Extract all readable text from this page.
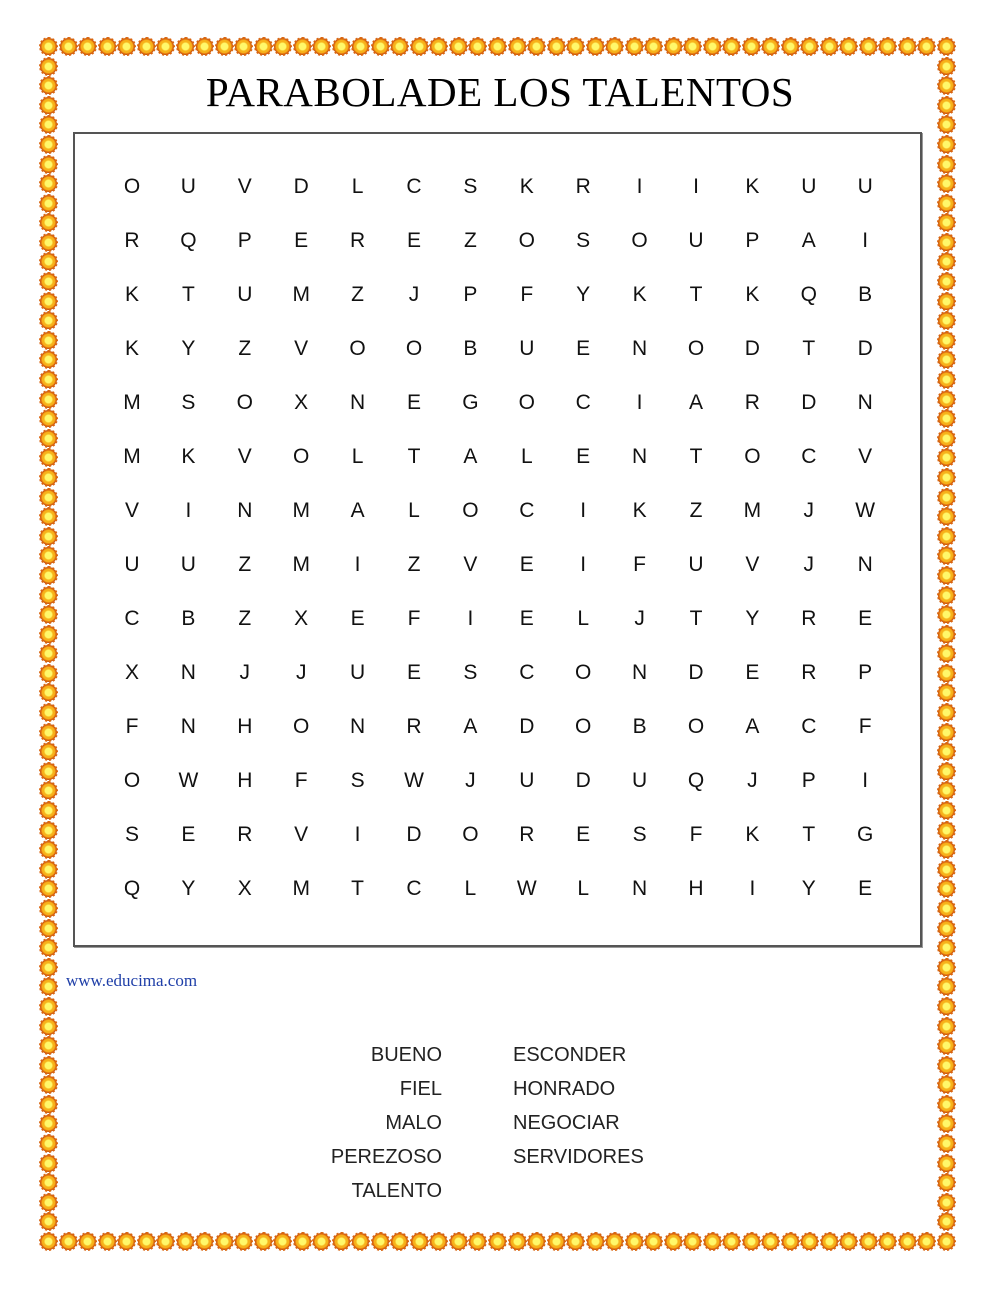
PARABOLADE LOS TALENTOS
O	U	V	D	L	C	S	K	R	I	I	K	U	U
R	Q	P	E	R	E	Z	O	S	O	U	P	A	I
K	T	U	M	Z	J	P	F	Y	K	T	K	Q	B
K	Y	Z	V	O	O	B	U	E	N	O	D	T	D
M	S	O	X	N	E	G	O	C	I	A	R	D	N
M	K	V	O	L	T	A	L	E	N	T	O	C	V
V	I	N	M	A	L	O	C	I	K	Z	M	J	W
U	U	Z	M	I	Z	V	E	I	F	U	V	J	N
C	B	Z	X	E	F	I	E	L	J	T	Y	R	E
X	N	J	J	U	E	S	C	O	N	D	E	R	P
F	N	H	O	N	R	A	D	O	B	O	A	C	F
O	W	H	F	S	W	J	U	D	U	Q	J	P	I
S	E	R	V	I	D	O	R	E	S	F	K	T	G
Q	Y	X	M	T	C	L	W	L	N	H	I	Y	E
www.educima.com
BUENO
FIEL
MALO
PEREZOSO
TALENTO
ESCONDER
HONRADO
NEGOCIAR
SERVIDORES
